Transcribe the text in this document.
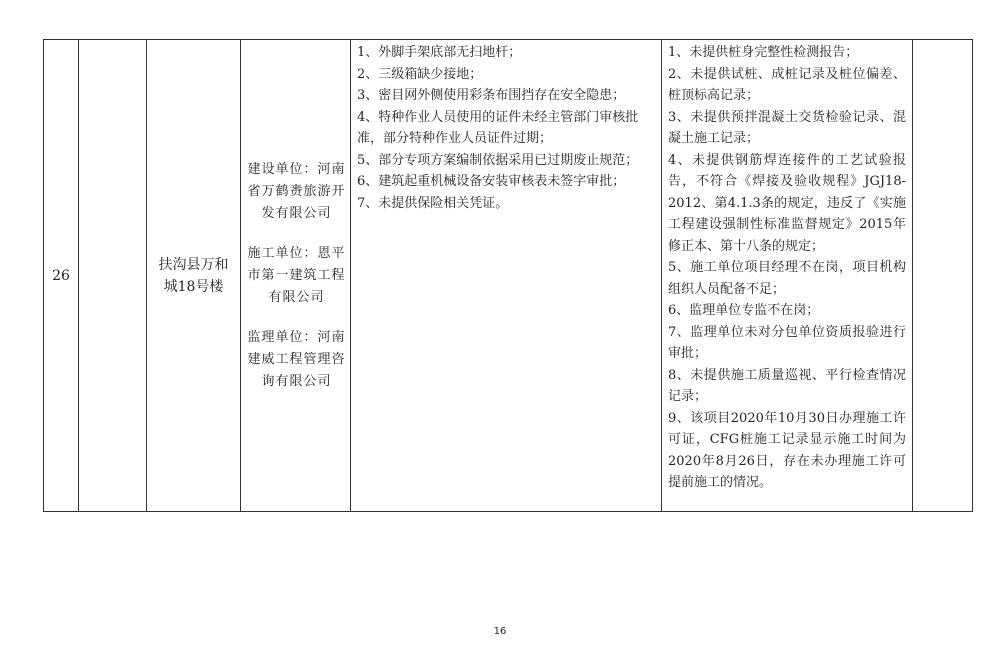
26
扶沟县万和城18号楼
建设单位：河南省万鹤赉旅游开发有限公司
施工单位：恩平市第一建筑工程有限公司
监理单位：河南建威工程管理咨询有限公司
1、外脚手架底部无扫地杆；
2、三级箱缺少接地；
3、密目网外侧使用彩条布围挡存在安全隐患；
4、特种作业人员使用的证件未经主管部门审核批准，部分特种作业人员证件过期；
5、部分专项方案编制依据采用已过期废止规范；
6、建筑起重机械设备安装审核表未签字审批；
7、未提供保险相关凭证。
1、未提供桩身完整性检测报告；
2、未提供试桩、成桩记录及桩位偏差、桩顶标高记录；
3、未提供预拌混凝土交货检验记录、混凝土施工记录；
4、未提供钢筋焊连接件的工艺试验报告，不符合《焊接及验收规程》JGJ18-2012、第4.1.3条的规定，违反了《实施工程建设强制性标准监督规定》2015年修正本、第十八条的规定；
5、施工单位项目经理不在岗，项目机构组织人员配备不足；
6、监理单位专监不在岗；
7、监理单位未对分包单位资质报验进行审批；
8、未提供施工质量巡视、平行检查情况记录；
9、该项目2020年10月30日办理施工许可证，CFG桩施工记录显示施工时间为2020年8月26日，存在未办理施工许可提前施工的情况。
16
